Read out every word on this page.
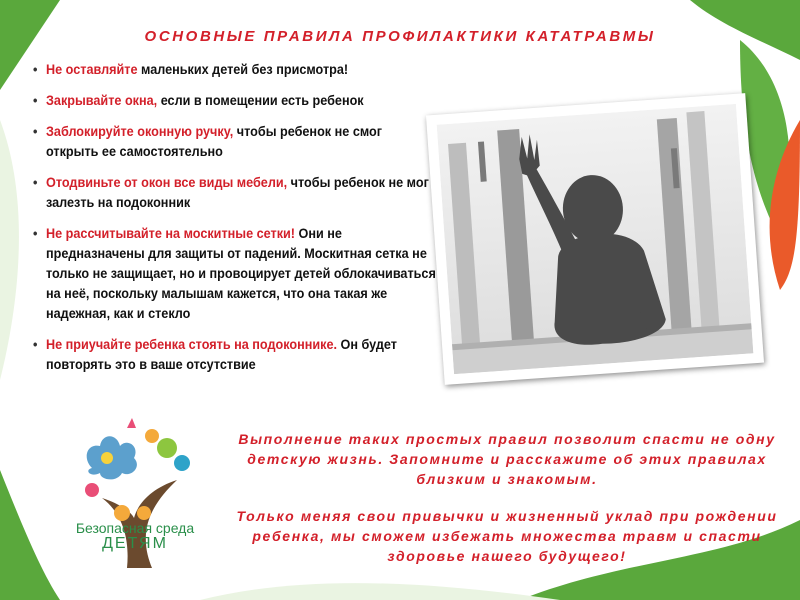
ОСНОВНЫЕ ПРАВИЛА ПРОФИЛАКТИКИ КАТАТРАВМЫ
• Не оставляйте маленьких детей без присмотра!
• Закрывайте окна, если в помещении есть ребенок
• Заблокируйте оконную ручку, чтобы ребенок не смог открыть ее самостоятельно
• Отодвиньте от окон все виды мебели, чтобы ребенок не мог залезть на подоконник
• Не рассчитывайте на москитные сетки! Они не предназначены для защиты от падений. Москитная сетка не только не защищает, но и провоцирует детей облокачиваться на неё, поскольку малышам кажется, что она такая же надежная, как и стекло
• Не приучайте ребенка стоять на подоконнике. Он будет повторять это в ваше отсутствие
Безопасная среда
ДЕТЯМ

Выполнение таких простых правил позволит спасти не одну детскую жизнь. Запомните и расскажите об этих правилах близким и знакомым.

Только меняя свои привычки и жизненный уклад при рождении ребенка, мы сможем избежать множества травм и спасти здоровье нашего будущего!
